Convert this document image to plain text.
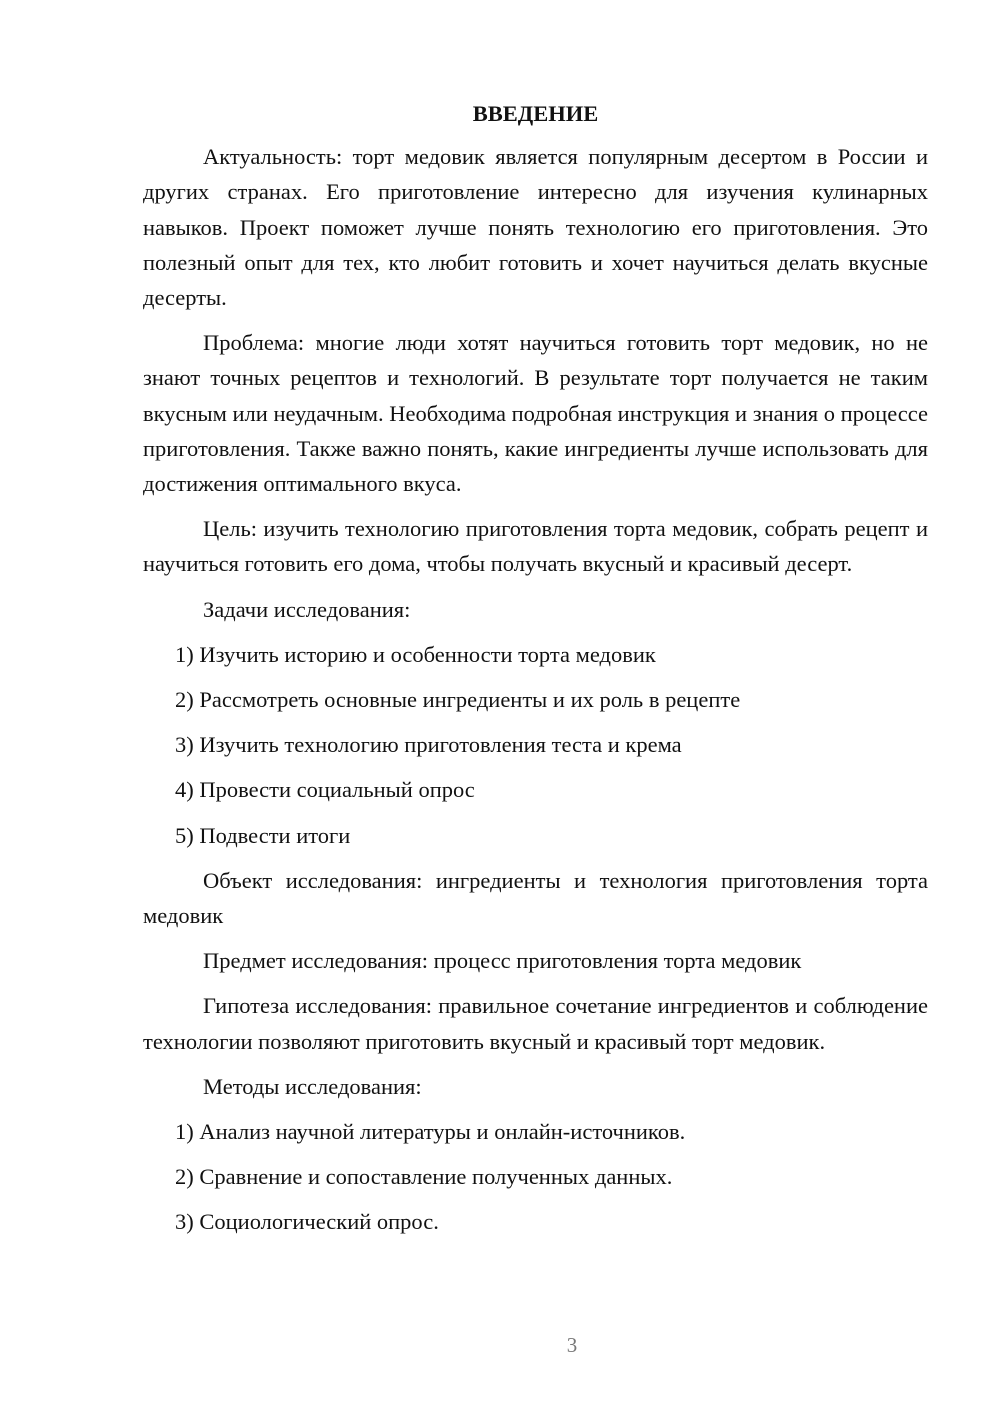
ВВЕДЕНИЕ

Актуальность: торт медовик является популярным десертом в России и других странах. Его приготовление интересно для изучения кулинарных навыков. Проект поможет лучше понять технологию его приготовления. Это полезный опыт для тех, кто любит готовить и хочет научиться делать вкусные десерты.

Проблема: многие люди хотят научиться готовить торт медовик, но не знают точных рецептов и технологий. В результате торт получается не таким вкусным или неудачным. Необходима подробная инструкция и знания о процессе приготовления. Также важно понять, какие ингредиенты лучше использовать для достижения оптимального вкуса.

Цель: изучить технологию приготовления торта медовик, собрать рецепт и научиться готовить его дома, чтобы получать вкусный и красивый десерт.

Задачи исследования:

1) Изучить историю и особенности торта медовик

2) Рассмотреть основные ингредиенты и их роль в рецепте

3) Изучить технологию приготовления теста и крема

4) Провести социальный опрос

5) Подвести итоги

Объект исследования: ингредиенты и технология приготовления торта медовик

Предмет исследования: процесс приготовления торта медовик

Гипотеза исследования: правильное сочетание ингредиентов и соблюдение технологии позволяют приготовить вкусный и красивый торт медовик.

Методы исследования:

1) Анализ научной литературы и онлайн-источников.

2) Сравнение и сопоставление полученных данных.

3) Социологический опрос.

3
